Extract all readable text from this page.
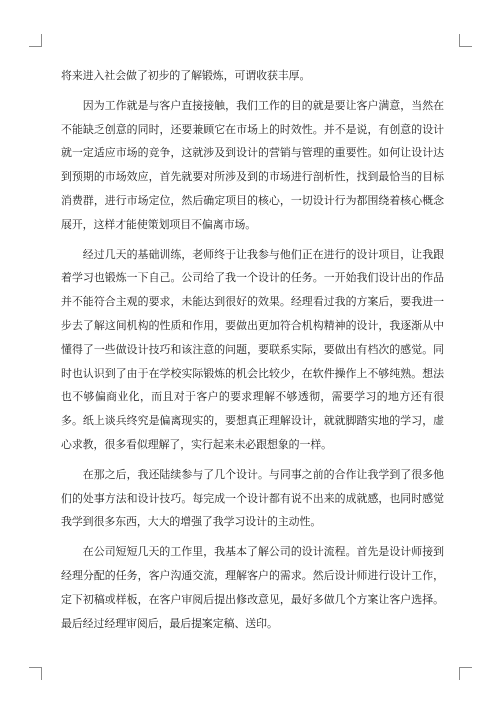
将来进入社会做了初步的了解锻炼，可谓收获丰厚。

因为工作就是与客户直接接触，我们工作的目的就是要让客户满意，当然在不能缺乏创意的同时，还要兼顾它在市场上的时效性。并不是说，有创意的设计就一定适应市场的竞争，这就涉及到设计的营销与管理的重要性。如何让设计达到预期的市场效应，首先就要对所涉及到的市场进行剖析性，找到最恰当的目标消费群，进行市场定位，然后确定项目的核心，一切设计行为都围绕着核心概念展开，这样才能使策划项目不偏离市场。

经过几天的基础训练，老师终于让我参与他们正在进行的设计项目，让我跟着学习也锻炼一下自己。公司给了我一个设计的任务。一开始我们设计出的作品并不能符合主观的要求，未能达到很好的效果。经理看过我的方案后，要我进一步去了解这间机构的性质和作用，要做出更加符合机构精神的设计，我逐渐从中懂得了一些做设计技巧和该注意的问题，要联系实际，要做出有档次的感觉。同时也认识到了由于在学校实际锻炼的机会比较少，在软件操作上不够纯熟。想法也不够偏商业化，而且对于客户的要求理解不够透彻，需要学习的地方还有很多。纸上谈兵终究是偏离现实的，要想真正理解设计，就就脚踏实地的学习，虚心求教，很多看似理解了，实行起来未必跟想象的一样。

在那之后，我还陆续参与了几个设计。与同事之前的合作让我学到了很多他们的处事方法和设计技巧。每完成一个设计都有说不出来的成就感，也同时感觉我学到很多东西，大大的增强了我学习设计的主动性。

在公司短短几天的工作里，我基本了解公司的设计流程。首先是设计师接到经理分配的任务，客户沟通交流，理解客户的需求。然后设计师进行设计工作，定下初稿或样板，在客户审阅后提出修改意见，最好多做几个方案让客户选择。最后经过经理审阅后，最后提案定稿、送印。
